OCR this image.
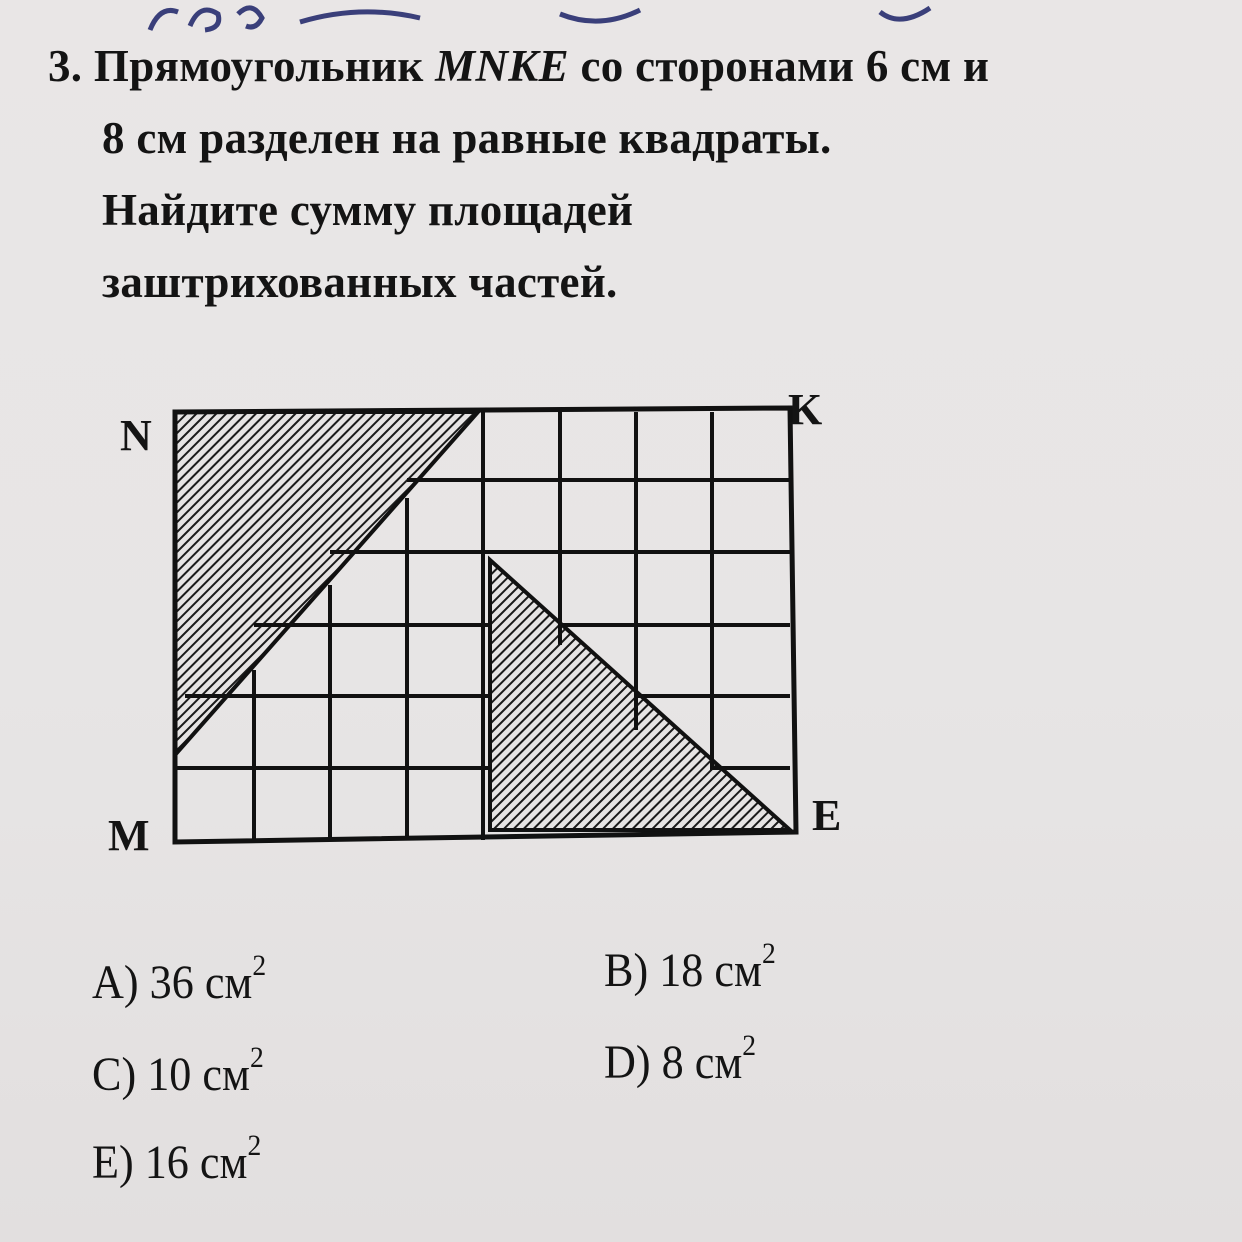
3. Прямоугольник MNKE со сторонами 6 см и
8 см разделен на равные квадраты.
Найдите сумму площадей
заштрихованных частей.
N
K
M	E
A) 36 $см^2$	B) 18 $см^2$
C) 10 $см^2$	D) 8 $см^2$
E) 16 $см^2$
